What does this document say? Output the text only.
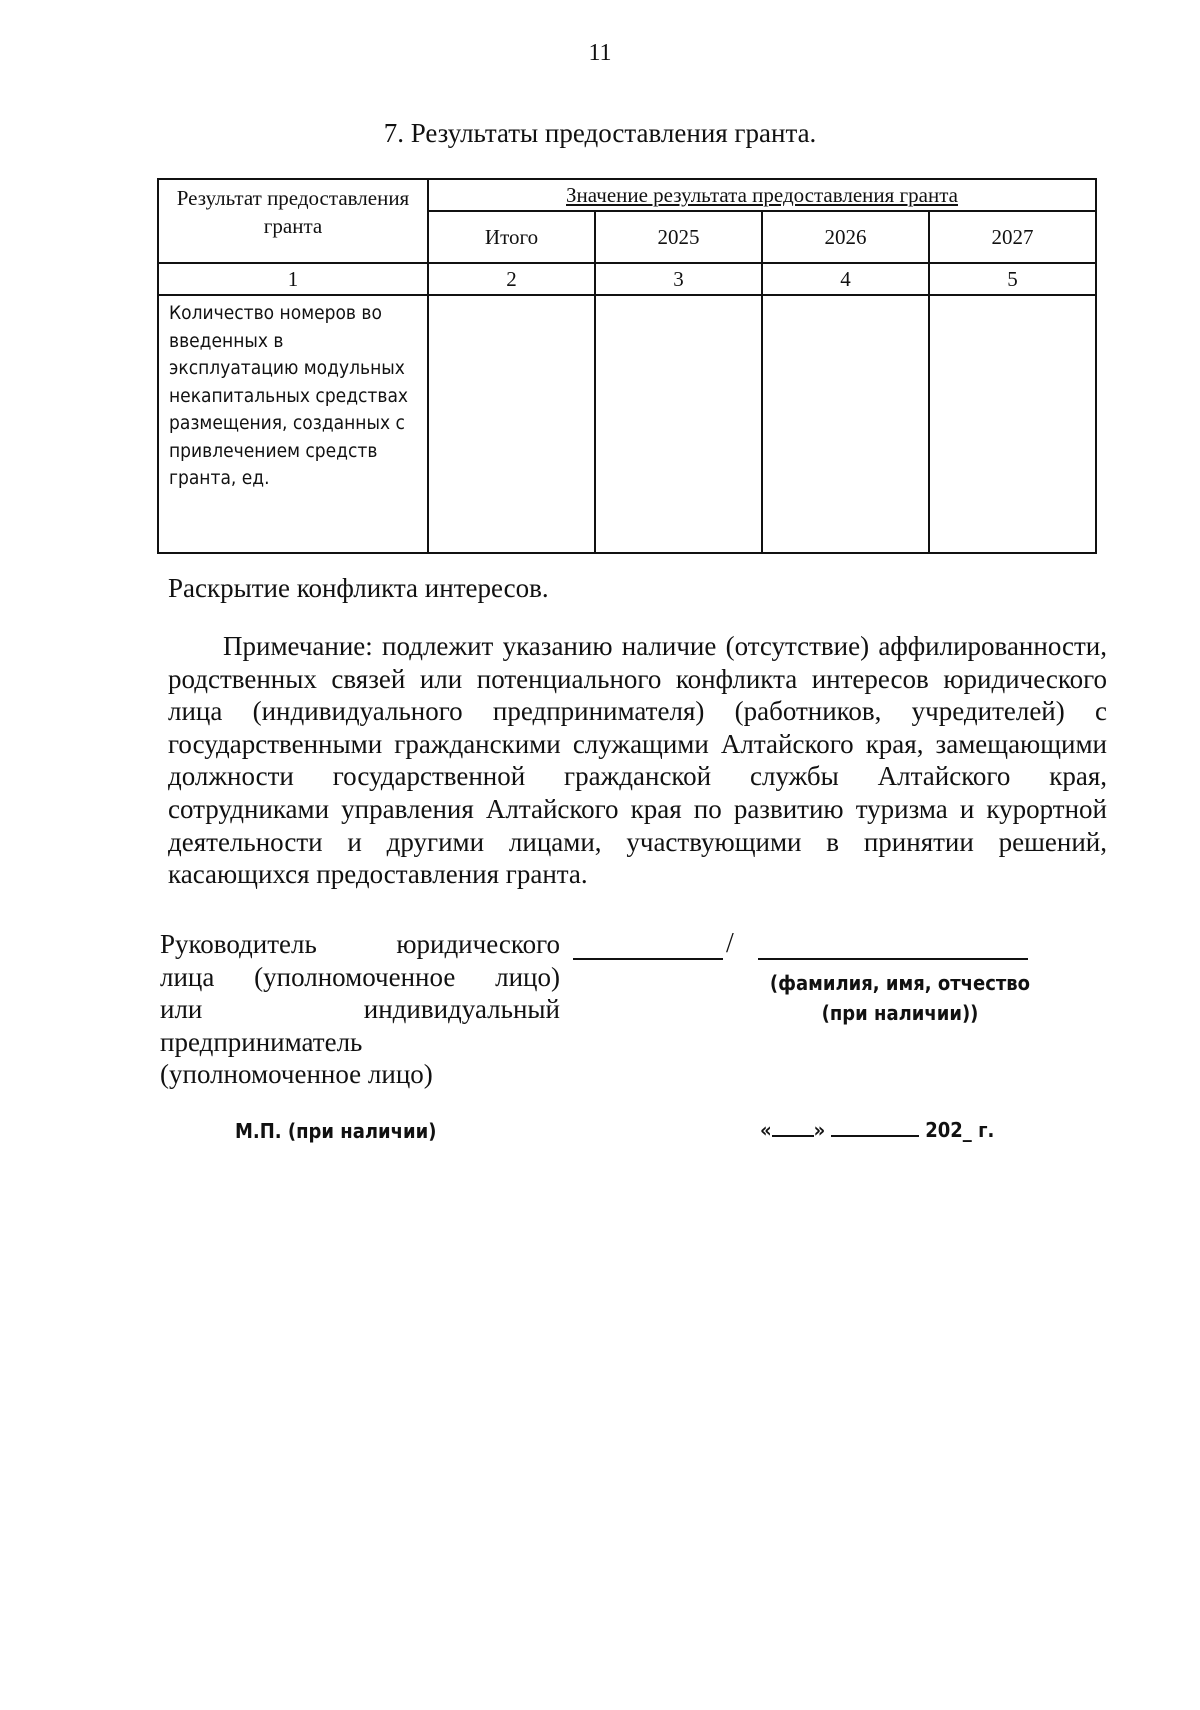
11
7. Результаты предоставления гранта.
Результат предоставления гранта	Значение результата предоставления гранта			
	Итого	2025	2026	2027
1	2	3	4	5
Количество номеров во введенных в эксплуатацию модульных некапитальных средствах размещения, созданных с привлечением средств гранта, ед.				
Раскрытие конфликта интересов.
Примечание: подлежит указанию наличие (отсутствие) аффилированности, родственных связей или потенциального конфликта интересов юридического лица (индивидуального предпринимателя) (работников, учредителей) с государственными гражданскими служащими Алтайского края, замещающими должности государственной гражданской службы Алтайского края, сотрудниками управления Алтайского края по развитию туризма и курортной деятельности и другими лицами, участвующими в принятии решений, касающихся предоставления гранта.
Руководитель юридического
лица (уполномоченное лицо)
или индивидуальный
предприниматель
(уполномоченное лицо)
/
(фамилия, имя, отчество
(при наличии))
М.П. (при наличии)	« »	202_ г.
